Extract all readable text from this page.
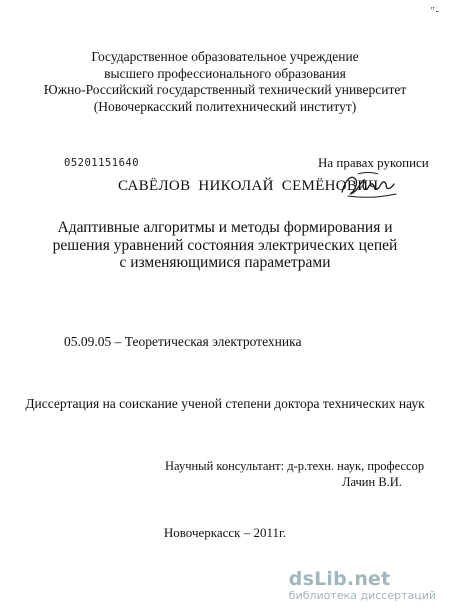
"-
Государственное образовательное учреждение
высшего профессионального образования
Южно-Российский государственный технический университет
(Новочеркасский политехнический институт)
05201151640	На правах рукописи
САВЁЛОВ НИКОЛАЙ СЕМЁНОВИЧ
Адаптивные алгоритмы и методы формирования и
решения уравнений состояния электрических цепей
с изменяющимися параметрами
05.09.05 – Теоретическая электротехника
Диссертация на соискание ученой степени доктора технических наук
Научный консультант: д-р.техн. наук, профессор
Лачин В.И.
Новочеркасск – 2011г.
dsLib.net
библиотека диссертаций
